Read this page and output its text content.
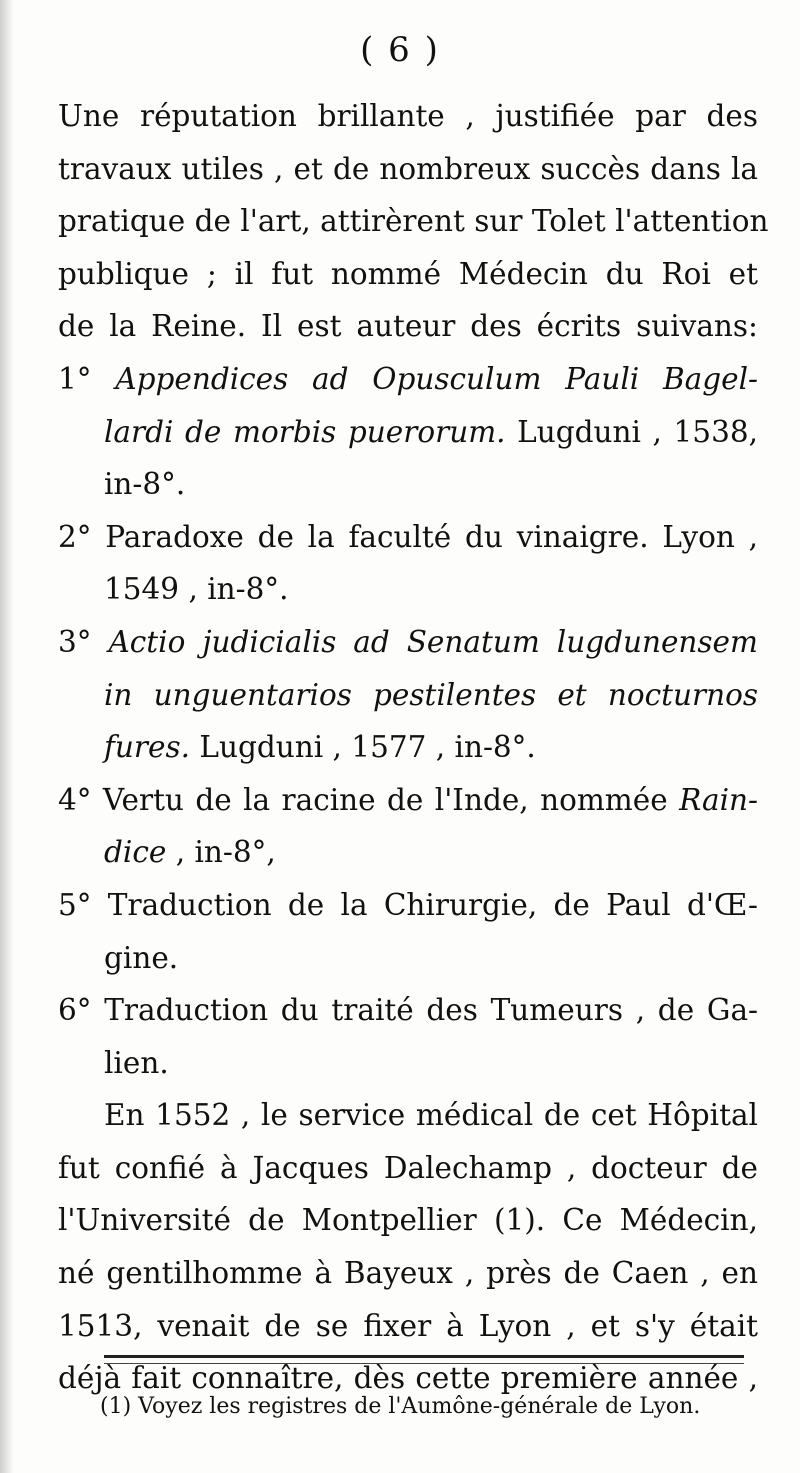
( 6 )
Une réputation brillante , justifiée par des
travaux utiles , et de nombreux succès dans la
pratique de l'art, attirèrent sur Tolet l'attention
publique ; il fut nommé Médecin du Roi et
de la Reine. Il est auteur des écrits suivans:
1° Appendices ad Opusculum Pauli Bagel-
lardi de morbis puerorum. Lugduni , 1538,
in-8°.
2° Paradoxe de la faculté du vinaigre. Lyon ,
1549 , in-8°.
3° Actio judicialis ad Senatum lugdunensem
in unguentarios pestilentes et nocturnos
fures. Lugduni , 1577 , in-8°.
4° Vertu de la racine de l'Inde, nommée Rain-
dice , in-8°,
5° Traduction de la Chirurgie, de Paul d'Œ-
gine.
6° Traduction du traité des Tumeurs , de Ga-
lien.
En 1552 , le service médical de cet Hôpital
fut confié à Jacques Dalechamp , docteur de
l'Université de Montpellier (1). Ce Médecin,
né gentilhomme à Bayeux , près de Caen , en
1513, venait de se fixer à Lyon , et s'y était
déjà fait connaître, dès cette première année ,
(1) Voyez les registres de l'Aumône-générale de Lyon.
